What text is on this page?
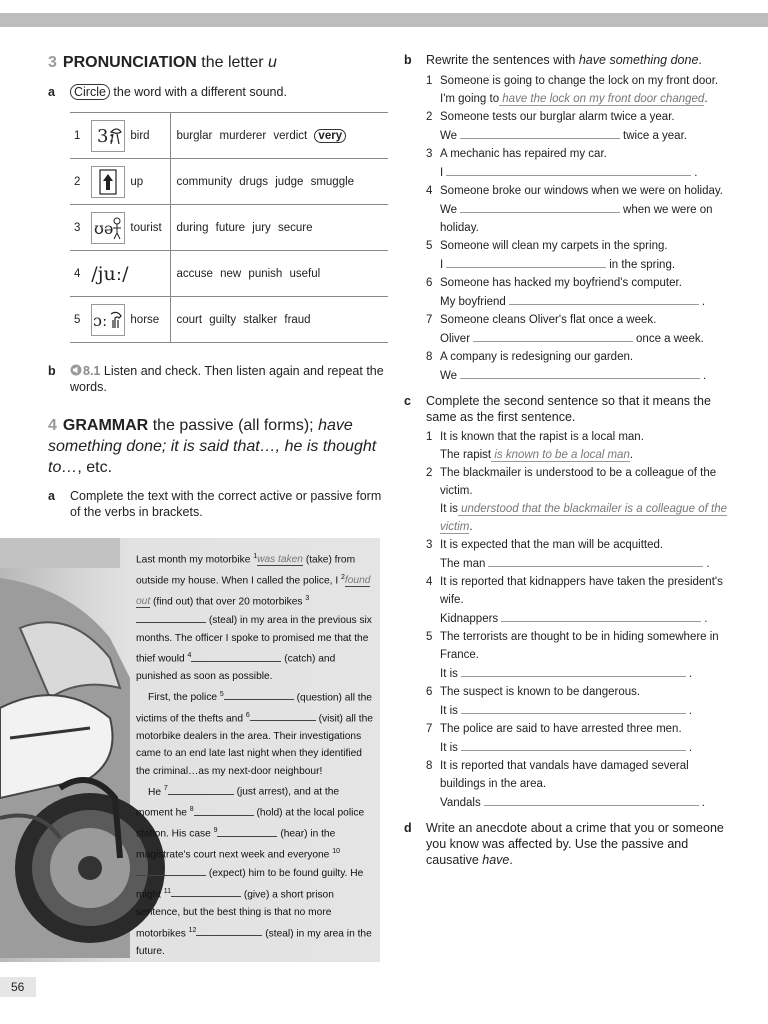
3 PRONUNCIATION the letter u
a Circle the word with a different sound.
1 3: bird	burglar murderer verdict very
2 up	community drugs judge smuggle
3 ʊə tourist	during future jury secure
4 /juː/	accuse new punish useful
5 ɔː horse	court guilty stalker fraud
b 8.1 Listen and check. Then listen again and repeat the words.
4 GRAMMAR the passive (all forms); have something done; it is said that…, he is thought to…, etc.
a Complete the text with the correct active or passive form of the verbs in brackets.
Last month my motorbike $^1$was taken (take) from outside my house. When I called the police, I $^2$found out (find out) that over 20 motorbikes $^3$ (steal) in my area in the previous six months. The officer I spoke to promised me that the thief would $^4$	(catch) and punished as soon as possible.
First, the police $^5$	(question) all the victims of the thefts and $^6$	(visit) all the motorbike dealers in the area. Their investigations came to an end late last night when they identified the criminal…as my next-door neighbour!
He $^7$	(just arrest), and at the moment he $^8$	(hold) at the local police station. His case $^9$	(hear) in the magistrate's court next week and everyone $^{10}$ (expect) him to be found guilty. He might $^{11}$	(give) a short prison sentence, but the best thing is that no more motorbikes $^{12}$	(steal) in my area in the future.
b Rewrite the sentences with have something done.
1 Someone is going to change the lock on my front door.
I'm going to have the lock on my front door changed.
2 Someone tests our burglar alarm twice a year.
We	twice a year.
3 A mechanic has repaired my car.
I	.
4 Someone broke our windows when we were on holiday.
We	when we were on holiday.
5 Someone will clean my carpets in the spring.
I	in the spring.
6 Someone has hacked my boyfriend's computer.
My boyfriend	.
7 Someone cleans Oliver's flat once a week.
Oliver	once a week.
8 A company is redesigning our garden.
We	.
c Complete the second sentence so that it means the same as the first sentence.
1 It is known that the rapist is a local man.
The rapist is known to be a local man.
2 The blackmailer is understood to be a colleague of the victim.
It is understood that the blackmailer is a colleague of the victim.
3 It is expected that the man will be acquitted.
The man	.
4 It is reported that kidnappers have taken the president's wife.
Kidnappers	.
5 The terrorists are thought to be in hiding somewhere in France.
It is	.
6 The suspect is known to be dangerous.
It is	.
7 The police are said to have arrested three men.
It is	.
8 It is reported that vandals have damaged several buildings in the area.
Vandals	.
d Write an anecdote about a crime that you or someone you know was affected by. Use the passive and causative have.
56
